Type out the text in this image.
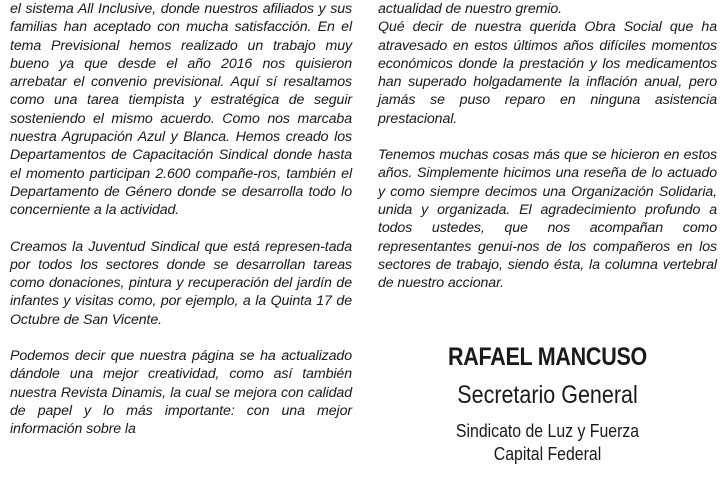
el sistema All Inclusive, donde nuestros afiliados y sus familias han aceptado con mucha satisfacción. En el tema Previsional hemos realizado un trabajo muy bueno ya que desde el año 2016 nos quisieron arrebatar el convenio previsional. Aquí sí resaltamos como una tarea tiempista y estratégica de seguir sosteniendo el mismo acuerdo. Como nos marcaba nuestra Agrupación Azul y Blanca. Hemos creado los Departamentos de Capacitación Sindical donde hasta el momento participan 2.600 compañe-ros, también el Departamento de Género donde se desarrolla todo lo concerniente a la actividad.

Creamos la Juventud Sindical que está represen-tada por todos los sectores donde se desarrollan tareas como donaciones, pintura y recuperación del jardín de infantes y visitas como, por ejemplo, a la Quinta 17 de Octubre de San Vicente.

Podemos decir que nuestra página se ha actualizado dándole una mejor creatividad, como así también nuestra Revista Dinamis, la cual se mejora con calidad de papel y lo más importante: con una mejor información sobre la

actualidad de nuestro gremio.

Qué decir de nuestra querida Obra Social que ha atravesado en estos últimos años difíciles momentos económicos donde la prestación y los medicamentos han superado holgadamente la inflación anual, pero jamás se puso reparo en ninguna asistencia prestacional.

Tenemos muchas cosas más que se hicieron en estos años. Simplemente hicimos una reseña de lo actuado y como siempre decimos una Organización Solidaria, unida y organizada. El agradecimiento profundo a todos ustedes, que nos acompañan como representantes genui-nos de los compañeros en los sectores de trabajo, siendo ésta, la columna vertebral de nuestro accionar.

RAFAEL MANCUSO
Secretario General
Sindicato de Luz y Fuerza
Capital Federal
